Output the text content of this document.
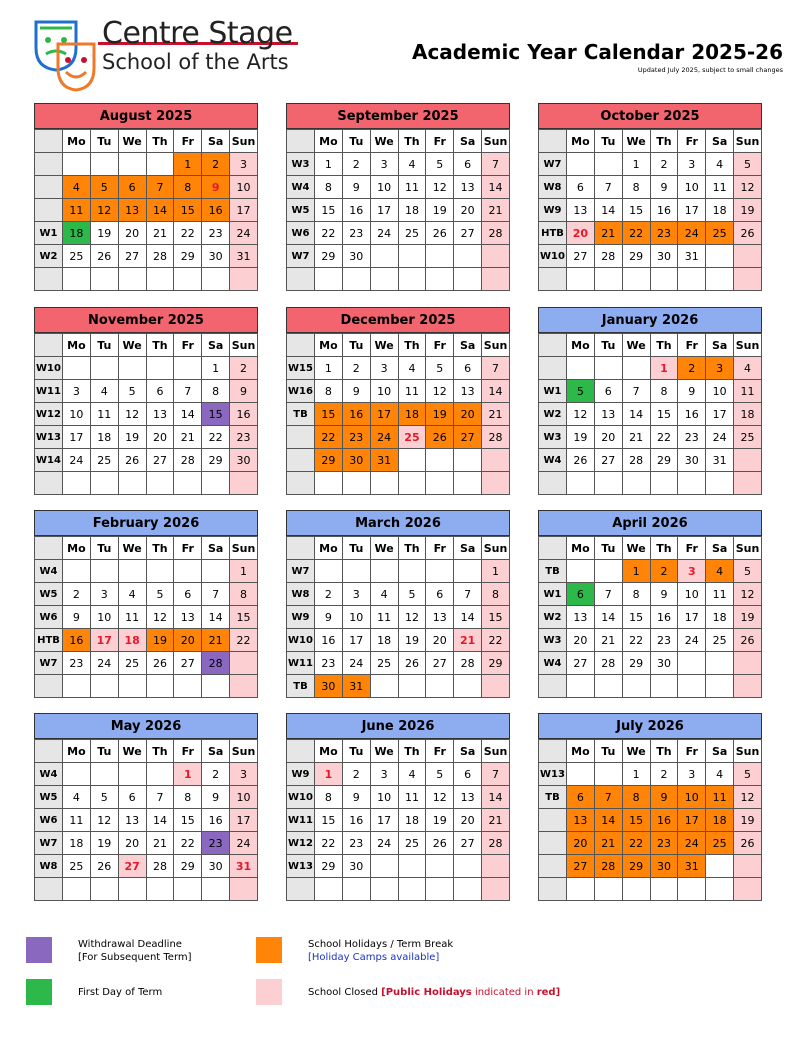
Centre Stage
School of the Arts	Academic Year Calendar 2025-26
Updated July 2025, subject to small changes
August 2025
	Mo	Tu	We	Th	Fr	Sa	Sun
					1	2	3
	4	5	6	7	8	9	10
	11	12	13	14	15	16	17
W1	18	19	20	21	22	23	24
W2	25	26	27	28	29	30	31

September 2025
	Mo	Tu	We	Th	Fr	Sa	Sun
W3	1	2	3	4	5	6	7
W4	8	9	10	11	12	13	14
W5	15	16	17	18	19	20	21
W6	22	23	24	25	26	27	28
W7	29	30					

October 2025
	Mo	Tu	We	Th	Fr	Sa	Sun
W7			1	2	3	4	5
W8	6	7	8	9	10	11	12
W9	13	14	15	16	17	18	19
HTB	20	21	22	23	24	25	26
W10	27	28	29	30	31		

November 2025
	Mo	Tu	We	Th	Fr	Sa	Sun
W10						1	2
W11	3	4	5	6	7	8	9
W12	10	11	12	13	14	15	16
W13	17	18	19	20	21	22	23
W14	24	25	26	27	28	29	30

December 2025
	Mo	Tu	We	Th	Fr	Sa	Sun
W15	1	2	3	4	5	6	7
W16	8	9	10	11	12	13	14
TB	15	16	17	18	19	20	21
	22	23	24	25	26	27	28
	29	30	31				

January 2026
	Mo	Tu	We	Th	Fr	Sa	Sun
				1	2	3	4
W1	5	6	7	8	9	10	11
W2	12	13	14	15	16	17	18
W3	19	20	21	22	23	24	25
W4	26	27	28	29	30	31	

February 2026
	Mo	Tu	We	Th	Fr	Sa	Sun
W4							1
W5	2	3	4	5	6	7	8
W6	9	10	11	12	13	14	15
HTB	16	17	18	19	20	21	22
W7	23	24	25	26	27	28	

March 2026
	Mo	Tu	We	Th	Fr	Sa	Sun
W7							1
W8	2	3	4	5	6	7	8
W9	9	10	11	12	13	14	15
W10	16	17	18	19	20	21	22
W11	23	24	25	26	27	28	29
TB	30	31					
April 2026
	Mo	Tu	We	Th	Fr	Sa	Sun
TB			1	2	3	4	5
W1	6	7	8	9	10	11	12
W2	13	14	15	16	17	18	19
W3	20	21	22	23	24	25	26
W4	27	28	29	30			

May 2026
	Mo	Tu	We	Th	Fr	Sa	Sun
W4					1	2	3
W5	4	5	6	7	8	9	10
W6	11	12	13	14	15	16	17
W7	18	19	20	21	22	23	24
W8	25	26	27	28	29	30	31

June 2026
	Mo	Tu	We	Th	Fr	Sa	Sun
W9	1	2	3	4	5	6	7
W10	8	9	10	11	12	13	14
W11	15	16	17	18	19	20	21
W12	22	23	24	25	26	27	28
W13	29	30					

July 2026
	Mo	Tu	We	Th	Fr	Sa	Sun
W13			1	2	3	4	5
TB	6	7	8	9	10	11	12
	13	14	15	16	17	18	19
	20	21	22	23	24	25	26
	27	28	29	30	31		

Withdrawal Deadline
[For Subsequent Term]
First Day of Term
School Holidays / Term Break
[Holiday Camps available]
School Closed [Public Holidays indicated in red]
